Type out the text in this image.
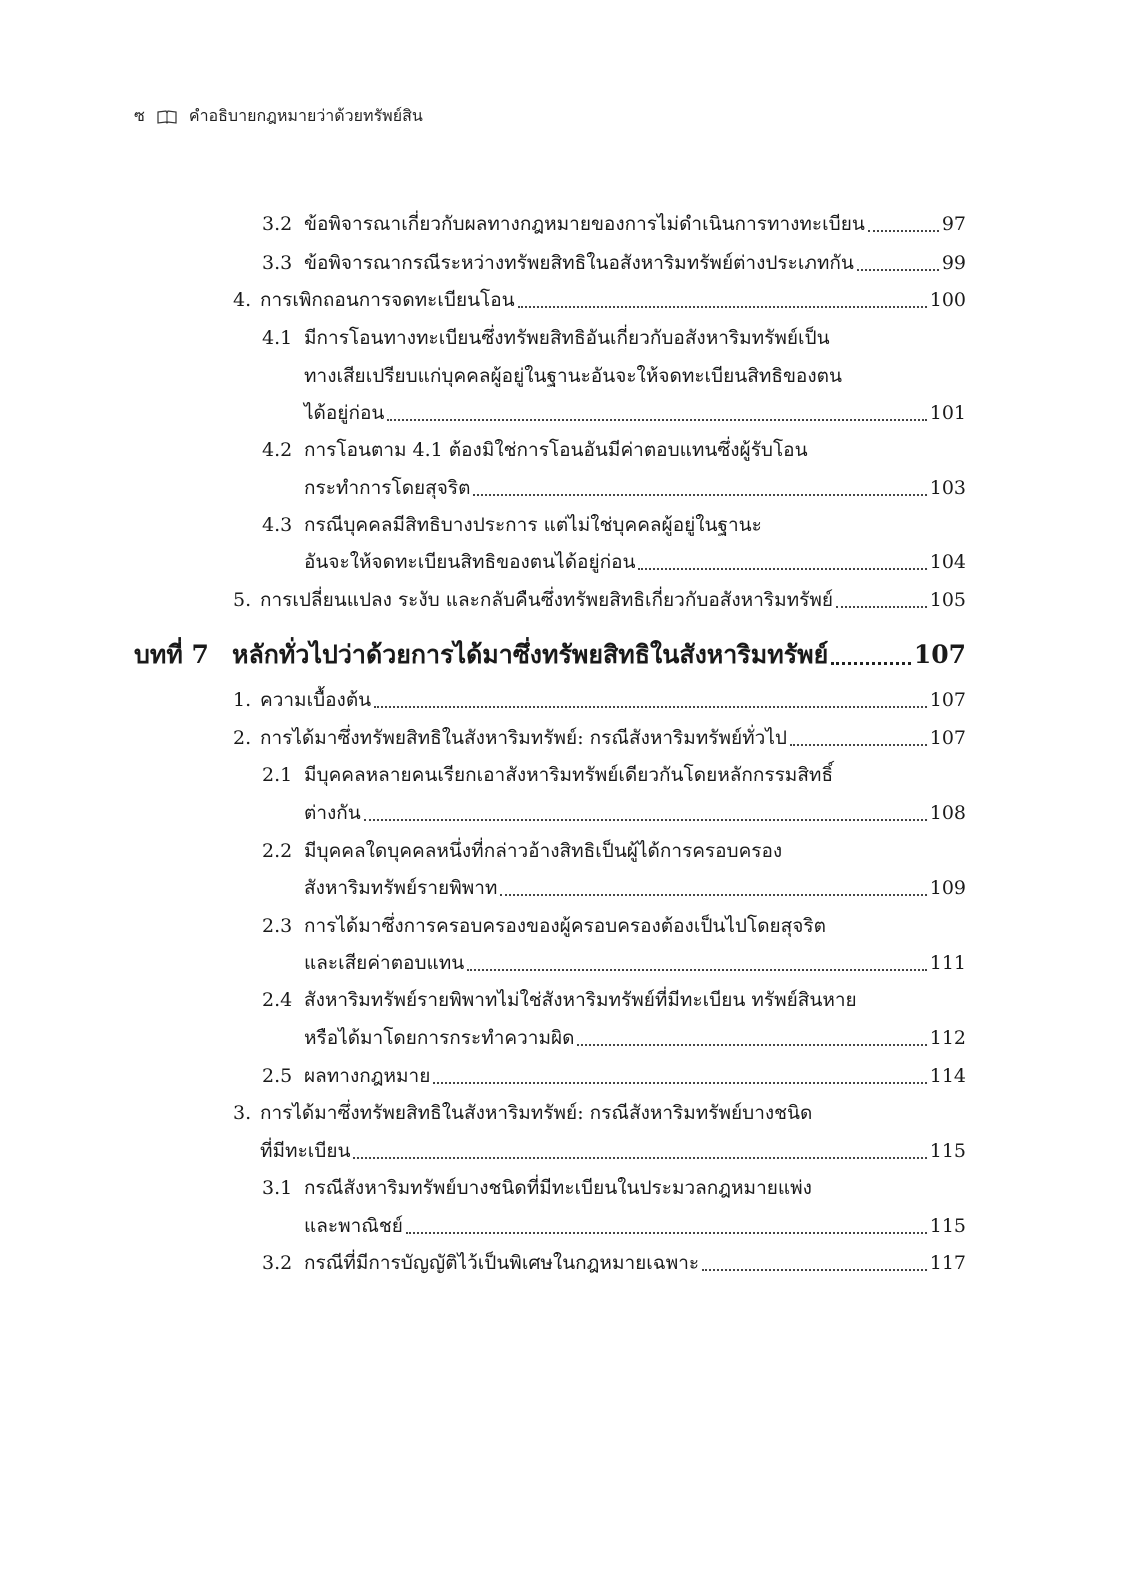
ซ	คำอธิบายกฎหมายว่าด้วยทรัพย์สิน
3.2 ข้อพิจารณาเกี่ยวกับผลทางกฎหมายของการไม่ดำเนินการทางทะเบียน	97
3.3 ข้อพิจารณากรณีระหว่างทรัพยสิทธิในอสังหาริมทรัพย์ต่างประเภทกัน	99
4. การเพิกถอนการจดทะเบียนโอน	100
4.1 มีการโอนทางทะเบียนซึ่งทรัพยสิทธิอันเกี่ยวกับอสังหาริมทรัพย์เป็น
ทางเสียเปรียบแก่บุคคลผู้อยู่ในฐานะอันจะให้จดทะเบียนสิทธิของตน
ได้อยู่ก่อน	101
4.2 การโอนตาม 4.1 ต้องมิใช่การโอนอันมีค่าตอบแทนซึ่งผู้รับโอน
กระทำการโดยสุจริต	103
4.3 กรณีบุคคลมีสิทธิบางประการ แต่ไม่ใช่บุคคลผู้อยู่ในฐานะ
อันจะให้จดทะเบียนสิทธิของตนได้อยู่ก่อน	104
5. การเปลี่ยนแปลง ระงับ และกลับคืนซึ่งทรัพยสิทธิเกี่ยวกับอสังหาริมทรัพย์	105
บทที่ 7 หลักทั่วไปว่าด้วยการได้มาซึ่งทรัพยสิทธิในสังหาริมทรัพย์	107
1. ความเบื้องต้น	107
2. การได้มาซึ่งทรัพยสิทธิในสังหาริมทรัพย์: กรณีสังหาริมทรัพย์ทั่วไป	107
2.1 มีบุคคลหลายคนเรียกเอาสังหาริมทรัพย์เดียวกันโดยหลักกรรมสิทธิ์
ต่างกัน	108
2.2 มีบุคคลใดบุคคลหนึ่งที่กล่าวอ้างสิทธิเป็นผู้ได้การครอบครอง
สังหาริมทรัพย์รายพิพาท	109
2.3 การได้มาซึ่งการครอบครองของผู้ครอบครองต้องเป็นไปโดยสุจริต
และเสียค่าตอบแทน	111
2.4 สังหาริมทรัพย์รายพิพาทไม่ใช่สังหาริมทรัพย์ที่มีทะเบียน ทรัพย์สินหาย
หรือได้มาโดยการกระทำความผิด	112
2.5 ผลทางกฎหมาย	114
3. การได้มาซึ่งทรัพยสิทธิในสังหาริมทรัพย์: กรณีสังหาริมทรัพย์บางชนิด
ที่มีทะเบียน	115
3.1 กรณีสังหาริมทรัพย์บางชนิดที่มีทะเบียนในประมวลกฎหมายแพ่ง
และพาณิชย์	115
3.2 กรณีที่มีการบัญญัติไว้เป็นพิเศษในกฎหมายเฉพาะ	117
